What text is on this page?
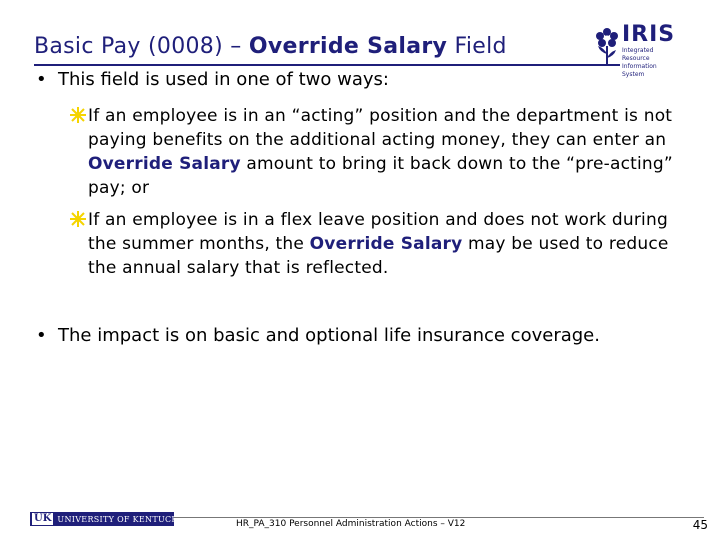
Basic Pay (0008) – Override Salary Field	IRIS
Integrated Resource Information System
• This field is used in one of two ways:
If an employee is in an “acting” position and the department is not paying benefits on the additional acting money, they can enter an Override Salary amount to bring it back down to the “pre-acting” pay; or
If an employee is in a flex leave position and does not work during the summer months, the Override Salary may be used to reduce the annual salary that is reflected.
• The impact is on basic and optional life insurance coverage.
UK UNIVERSITY OF KENTUCKY	HR_PA_310 Personnel Administration Actions – V12	45
